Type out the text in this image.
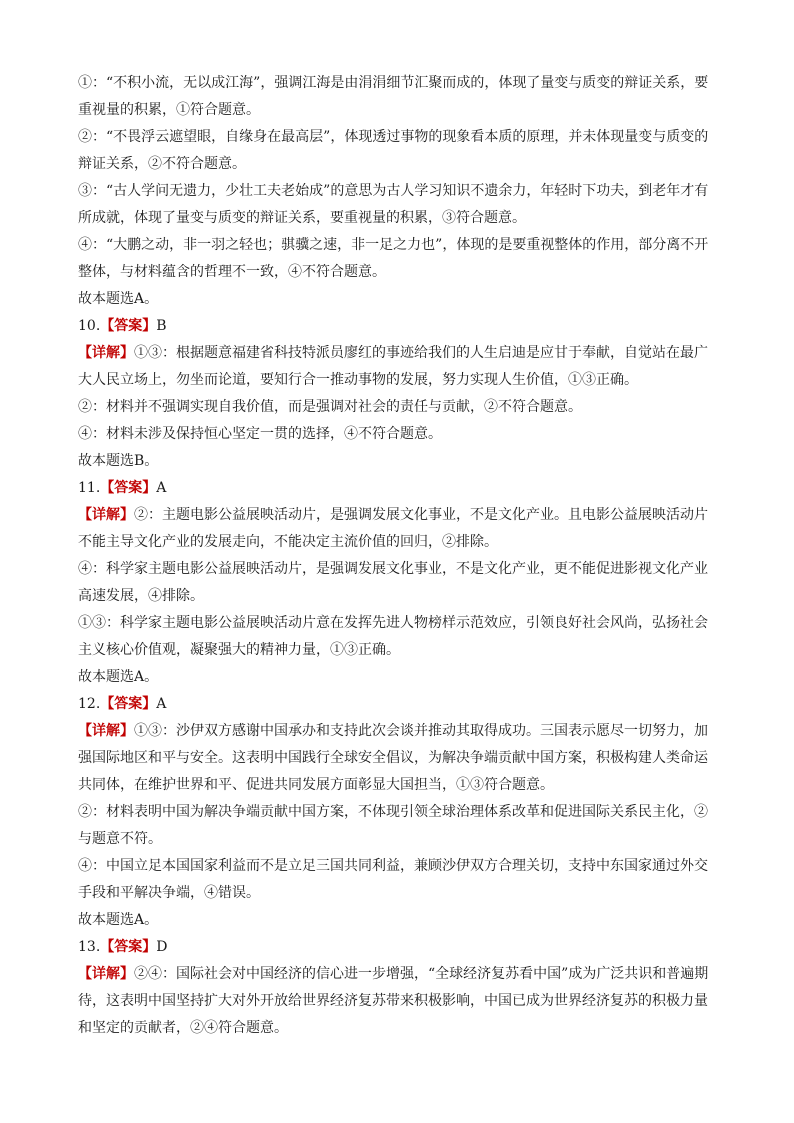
①：“不积小流，无以成江海”，强调江海是由涓涓细节汇聚而成的，体现了量变与质变的辩证关系，要重视量的积累，①符合题意。

②：“不畏浮云遮望眼，自缘身在最高层”，体现透过事物的现象看本质的原理，并未体现量变与质变的辩证关系，②不符合题意。

③：“古人学问无遗力，少壮工夫老始成”的意思为古人学习知识不遗余力，年轻时下功夫，到老年才有所成就，体现了量变与质变的辩证关系，要重视量的积累，③符合题意。

④：“大鹏之动，非一羽之轻也；骐骥之速，非一足之力也”，体现的是要重视整体的作用，部分离不开整体，与材料蕴含的哲理不一致，④不符合题意。

故本题选A。

10.【答案】B

【详解】①③：根据题意福建省科技特派员廖红的事迹给我们的人生启迪是应甘于奉献，自觉站在最广大人民立场上，勿坐而论道，要知行合一推动事物的发展，努力实现人生价值，①③正确。

②：材料并不强调实现自我价值，而是强调对社会的责任与贡献，②不符合题意。

④：材料未涉及保持恒心坚定一贯的选择，④不符合题意。

故本题选B。

11.【答案】A

【详解】②：主题电影公益展映活动片，是强调发展文化事业，不是文化产业。且电影公益展映活动片不能主导文化产业的发展走向，不能决定主流价值的回归，②排除。

④：科学家主题电影公益展映活动片，是强调发展文化事业，不是文化产业，更不能促进影视文化产业高速发展，④排除。

①③：科学家主题电影公益展映活动片意在发挥先进人物榜样示范效应，引领良好社会风尚，弘扬社会主义核心价值观，凝聚强大的精神力量，①③正确。

故本题选A。

12.【答案】A

【详解】①③：沙伊双方感谢中国承办和支持此次会谈并推动其取得成功。三国表示愿尽一切努力，加强国际地区和平与安全。这表明中国践行全球安全倡议，为解决争端贡献中国方案，积极构建人类命运共同体，在维护世界和平、促进共同发展方面彰显大国担当，①③符合题意。

②：材料表明中国为解决争端贡献中国方案，不体现引领全球治理体系改革和促进国际关系民主化，②与题意不符。

④：中国立足本国国家利益而不是立足三国共同利益，兼顾沙伊双方合理关切，支持中东国家通过外交手段和平解决争端，④错误。

故本题选A。

13.【答案】D

【详解】②④：国际社会对中国经济的信心进一步增强，“全球经济复苏看中国”成为广泛共识和普遍期待，这表明中国坚持扩大对外开放给世界经济复苏带来积极影响，中国已成为世界经济复苏的积极力量和坚定的贡献者，②④符合题意。
